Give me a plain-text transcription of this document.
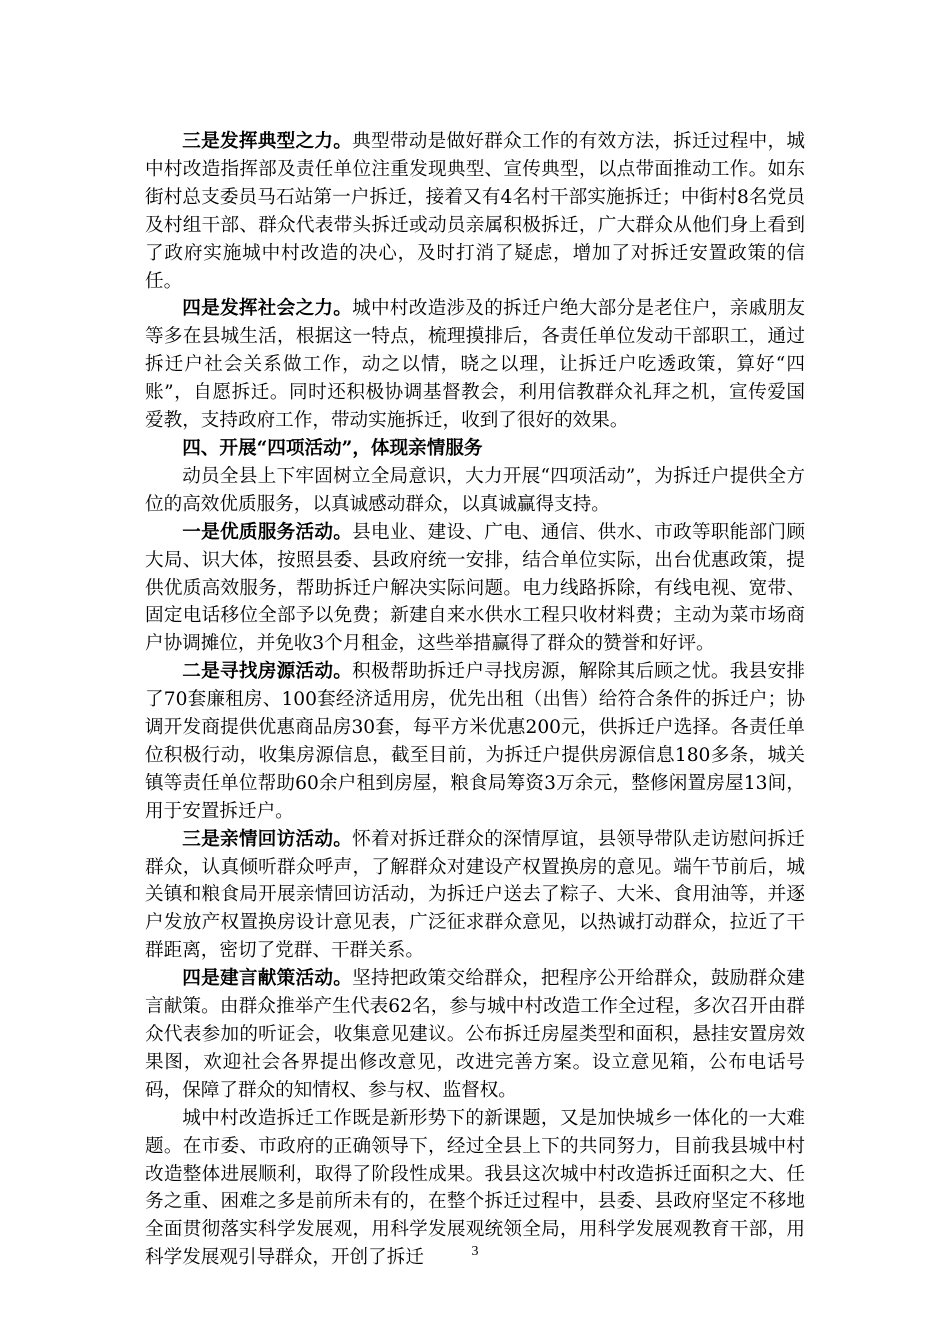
三是发挥典型之力。典型带动是做好群众工作的有效方法，拆迁过程中，城中村改造指挥部及责任单位注重发现典型、宣传典型，以点带面推动工作。如东街村总支委员马石站第一户拆迁，接着又有4名村干部实施拆迁；中街村8名党员及村组干部、群众代表带头拆迁或动员亲属积极拆迁，广大群众从他们身上看到了政府实施城中村改造的决心，及时打消了疑虑，增加了对拆迁安置政策的信任。

四是发挥社会之力。城中村改造涉及的拆迁户绝大部分是老住户，亲戚朋友等多在县城生活，根据这一特点，梳理摸排后，各责任单位发动干部职工，通过拆迁户社会关系做工作，动之以情，晓之以理，让拆迁户吃透政策，算好“四账”，自愿拆迁。同时还积极协调基督教会，利用信教群众礼拜之机，宣传爱国爱教，支持政府工作，带动实施拆迁，收到了很好的效果。

四、开展“四项活动”，体现亲情服务

动员全县上下牢固树立全局意识，大力开展“四项活动”，为拆迁户提供全方位的高效优质服务，以真诚感动群众，以真诚赢得支持。

一是优质服务活动。县电业、建设、广电、通信、供水、市政等职能部门顾大局、识大体，按照县委、县政府统一安排，结合单位实际，出台优惠政策，提供优质高效服务，帮助拆迁户解决实际问题。电力线路拆除，有线电视、宽带、固定电话移位全部予以免费；新建自来水供水工程只收材料费；主动为菜市场商户协调摊位，并免收3个月租金，这些举措赢得了群众的赞誉和好评。

二是寻找房源活动。积极帮助拆迁户寻找房源，解除其后顾之忧。我县安排了70套廉租房、100套经济适用房，优先出租（出售）给符合条件的拆迁户；协调开发商提供优惠商品房30套，每平方米优惠200元，供拆迁户选择。各责任单位积极行动，收集房源信息，截至目前，为拆迁户提供房源信息180多条，城关镇等责任单位帮助60余户租到房屋，粮食局筹资3万余元，整修闲置房屋13间，用于安置拆迁户。

三是亲情回访活动。怀着对拆迁群众的深情厚谊，县领导带队走访慰问拆迁群众，认真倾听群众呼声，了解群众对建设产权置换房的意见。端午节前后，城关镇和粮食局开展亲情回访活动，为拆迁户送去了粽子、大米、食用油等，并逐户发放产权置换房设计意见表，广泛征求群众意见，以热诚打动群众，拉近了干群距离，密切了党群、干群关系。

四是建言献策活动。坚持把政策交给群众，把程序公开给群众，鼓励群众建言献策。由群众推举产生代表62名，参与城中村改造工作全过程，多次召开由群众代表参加的听证会，收集意见建议。公布拆迁房屋类型和面积，悬挂安置房效果图，欢迎社会各界提出修改意见，改进完善方案。设立意见箱，公布电话号码，保障了群众的知情权、参与权、监督权。

城中村改造拆迁工作既是新形势下的新课题，又是加快城乡一体化的一大难题。在市委、市政府的正确领导下，经过全县上下的共同努力，目前我县城中村改造整体进展顺利，取得了阶段性成果。我县这次城中村改造拆迁面积之大、任务之重、困难之多是前所未有的，在整个拆迁过程中，县委、县政府坚定不移地全面贯彻落实科学发展观，用科学发展观统领全局，用科学发展观教育干部，用科学发展观引导群众，开创了拆迁	3
